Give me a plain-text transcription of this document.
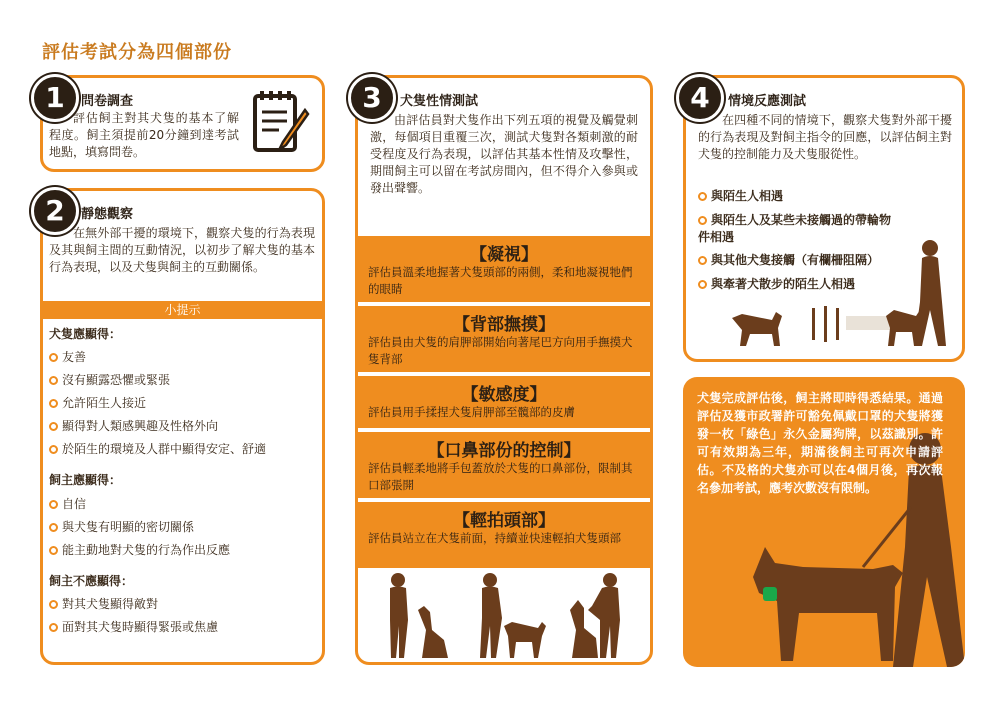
評估考試分為四個部份
問卷調查
評估飼主對其犬隻的基本了解程度。飼主須提前20分鐘到達考試地點，填寫問卷。
1
靜態觀察
在無外部干擾的環境下，觀察犬隻的行為表現及其與飼主間的互動情況，以初步了解犬隻的基本行為表現，以及犬隻與飼主的互動關係。
小提示
犬隻應顯得：
友善
沒有顯露恐懼或緊張
允許陌生人接近
顯得對人類感興趣及性格外向
於陌生的環境及人群中顯得安定、舒適
飼主應顯得：
自信
與犬隻有明顯的密切關係
能主動地對犬隻的行為作出反應
飼主不應顯得：
對其犬隻顯得敵對
面對其犬隻時顯得緊張或焦慮
2
犬隻性情測試
由評估員對犬隻作出下列五項的視覺及觸覺刺激，每個項目重覆三次，測試犬隻對各類刺激的耐受程度及行為表現，以評估其基本性情及攻擊性，期間飼主可以留在考試房間內，但不得介入參與或發出聲響。
【凝視】
評估員溫柔地握著犬隻頭部的兩側，柔和地凝視牠們的眼睛
【背部撫摸】
評估員由犬隻的肩胛部開始向著尾巴方向用手撫摸犬隻背部
【敏感度】
評估員用手揉捏犬隻肩胛部至髖部的皮膚
【口鼻部份的控制】
評估員輕柔地將手包蓋放於犬隻的口鼻部份，限制其口部張開
【輕拍頭部】
評估員站立在犬隻前面，持續並快速輕拍犬隻頭部
3	情境反應測試
在四種不同的情境下，觀察犬隻對外部干擾的行為表現及對飼主指令的回應，以評估飼主對犬隻的控制能力及犬隻服從性。
與陌生人相遇
與陌生人及某些未接觸過的帶輪物件相遇
與其他犬隻接觸（有欄柵阻隔）
與牽著犬散步的陌生人相遇
4
犬隻完成評估後，飼主將即時得悉結果。通過評估及獲市政署許可豁免佩戴口罩的犬隻將獲發一枚「綠色」永久金屬狗牌，以茲識別。許可有效期為三年，期滿後飼主可再次申請評估。不及格的犬隻亦可以在4個月後，再次報名參加考試，應考次數沒有限制。
